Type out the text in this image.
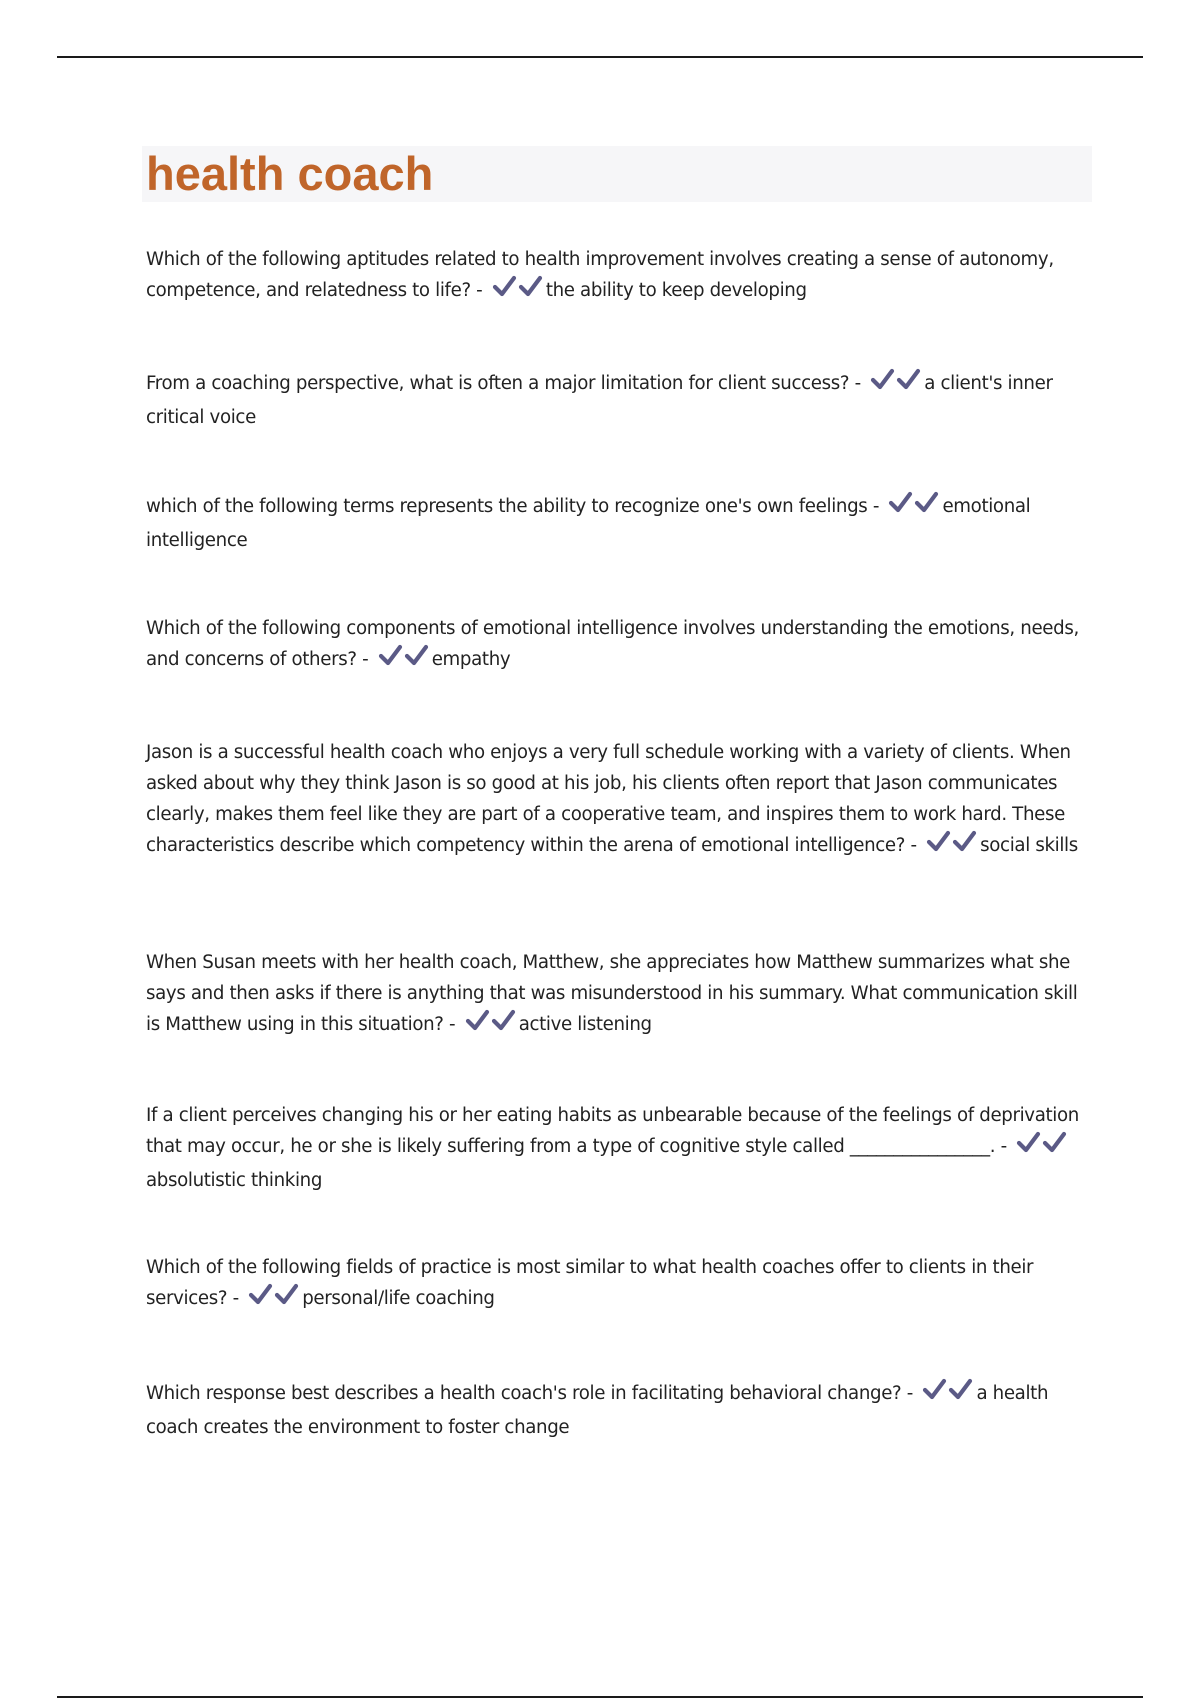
health coach
Which of the following aptitudes related to health improvement involves creating a sense of autonomy, competence, and relatedness to life? -	the ability to keep developing
From a coaching perspective, what is often a major limitation for client success? -	a client's inner critical voice
which of the following terms represents the ability to recognize one's own feelings -	emotional intelligence
Which of the following components of emotional intelligence involves understanding the emotions, needs, and concerns of others? -	empathy
Jason is a successful health coach who enjoys a very full schedule working with a variety of clients. When asked about why they think Jason is so good at his job, his clients often report that Jason communicates clearly, makes them feel like they are part of a cooperative team, and inspires them to work hard. These characteristics describe which competency within the arena of emotional intelligence? -	social skills
When Susan meets with her health coach, Matthew, she appreciates how Matthew summarizes what she says and then asks if there is anything that was misunderstood in his summary. What communication skill is Matthew using in this situation? -	active listening
If a client perceives changing his or her eating habits as unbearable because of the feelings of deprivation that may occur, he or she is likely suffering from a type of cognitive style called ________________. -
absolutistic thinking
Which of the following fields of practice is most similar to what health coaches offer to clients in their services? -	personal/life coaching
Which response best describes a health coach's role in facilitating behavioral change? -	a health coach creates the environment to foster change
